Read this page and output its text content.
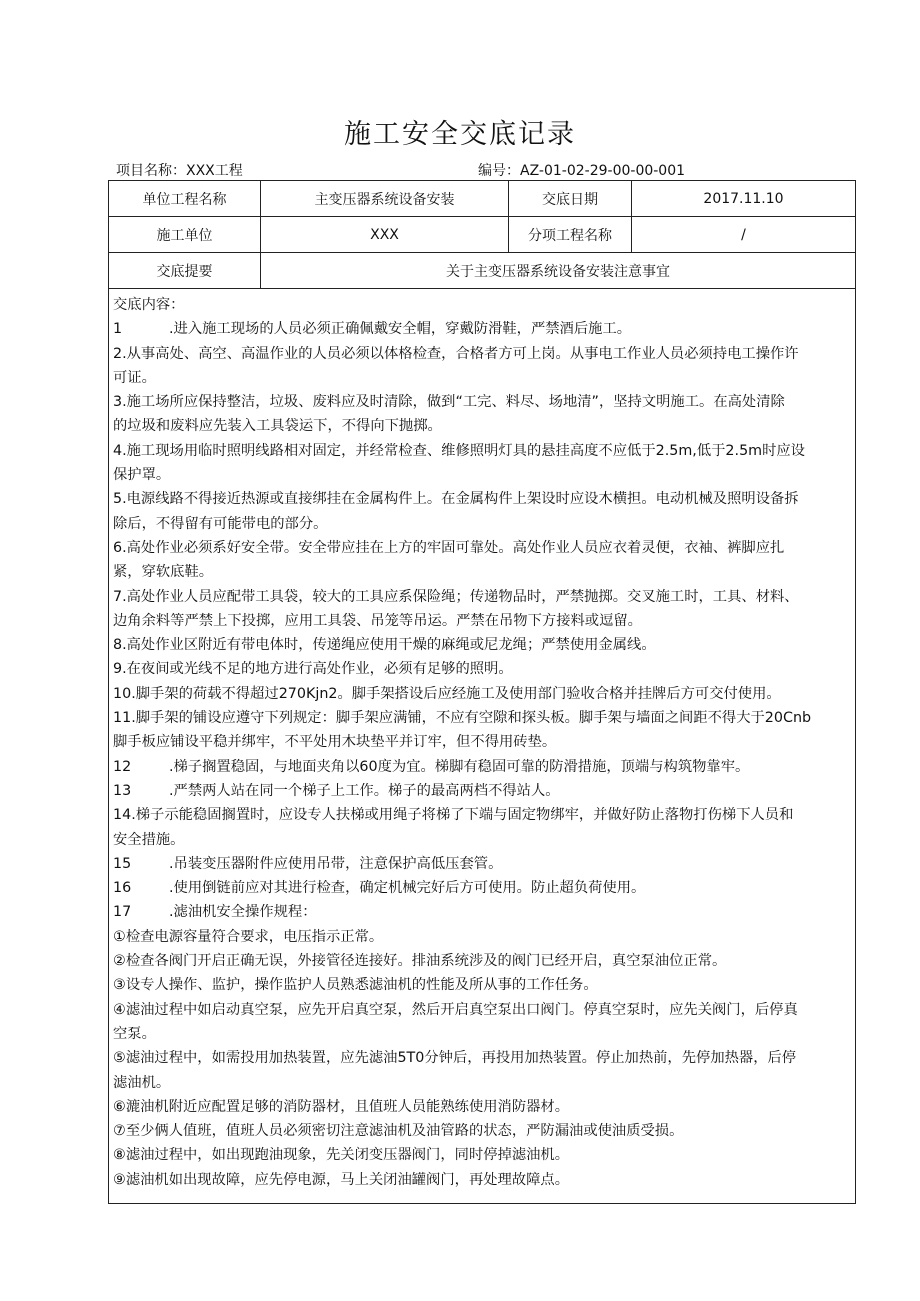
施工安全交底记录
项目名称：XXX工程	编号：AZ-01-02-29-00-00-001
单位工程名称	主变压器系统设备安装	交底日期	2017.11.10
施工单位	XXX	分项工程名称	/
交底提要	关于主变压器系统设备安装注意事宜
交底内容：
1	.进入施工现场的人员必须正确佩戴安全帽，穿戴防滑鞋，严禁酒后施工。
2.从事高处、高空、高温作业的人员必须以体格检查，合格者方可上岗。从事电工作业人员必须持电工操作许
可证。
3.施工场所应保持整洁，垃圾、废料应及时清除，做到“工完、料尽、场地清”，坚持文明施工。在高处清除
的垃圾和废料应先装入工具袋运下，不得向下抛掷。
4.施工现场用临时照明线路相对固定，并经常检查、维修照明灯具的悬挂高度不应低于2.5m,低于2.5m时应设
保护罩。
5.电源线路不得接近热源或直接绑挂在金属构件上。在金属构件上架设时应设木横担。电动机械及照明设备拆
除后，不得留有可能带电的部分。
6.高处作业必须系好安全带。安全带应挂在上方的牢固可靠处。高处作业人员应衣着灵便，衣袖、裤脚应扎
紧，穿软底鞋。
7.高处作业人员应配带工具袋，较大的工具应系保险绳；传递物品时，严禁抛掷。交叉施工时，工具、材料、
边角余料等严禁上下投掷，应用工具袋、吊笼等吊运。严禁在吊物下方接料或逗留。
8.高处作业区附近有带电体时，传递绳应使用干燥的麻绳或尼龙绳；严禁使用金属线。
9.在夜间或光线不足的地方进行高处作业，必须有足够的照明。
10.脚手架的荷载不得超过270Kjn2。脚手架搭设后应经施工及使用部门验收合格并挂牌后方可交付使用。
11.脚手架的铺设应遵守下列规定：脚手架应满铺，不应有空隙和探头板。脚手架与墙面之间距不得大于20Cnb
脚手板应铺设平稳并绑牢，不平处用木块垫平并订牢，但不得用砖垫。
12	.梯子搁置稳固，与地面夹角以60度为宜。梯脚有稳固可靠的防滑措施，顶端与构筑物靠牢。
13	.严禁两人站在同一个梯子上工作。梯子的最高两档不得站人。
14.梯子示能稳固搁置时，应设专人扶梯或用绳子将梯了下端与固定物绑牢，并做好防止落物打伤梯下人员和
安全措施。
15	.吊装变压器附件应使用吊带，注意保护高低压套管。
16	.使用倒链前应对其进行检查，确定机械完好后方可使用。防止超负荷使用。
17	.滤油机安全操作规程：
①检查电源容量符合要求，电压指示正常。
②检查各阀门开启正确无误，外接管径连接好。排油系统涉及的阀门已经开启，真空泵油位正常。
③设专人操作、监护，操作监护人员熟悉滤油机的性能及所从事的工作任务。
④滤油过程中如启动真空泵，应先开启真空泵，然后开启真空泵出口阀门。停真空泵时，应先关阀门，后停真
空泵。
⑤滤油过程中，如需投用加热装置，应先滤油5T0分钟后，再投用加热装置。停止加热前，先停加热器，后停
滤油机。
⑥漉油机附近应配置足够的消防器材，且值班人员能熟练使用消防器材。
⑦至少俩人值班，值班人员必须密切注意滤油机及油管路的状态，严防漏油或使油质受损。
⑧滤油过程中，如出现跑油现象，先关闭变压器阀门，同时停掉滤油机。
⑨滤油机如出现故障，应先停电源，马上关闭油罐阀门，再处理故障点。
